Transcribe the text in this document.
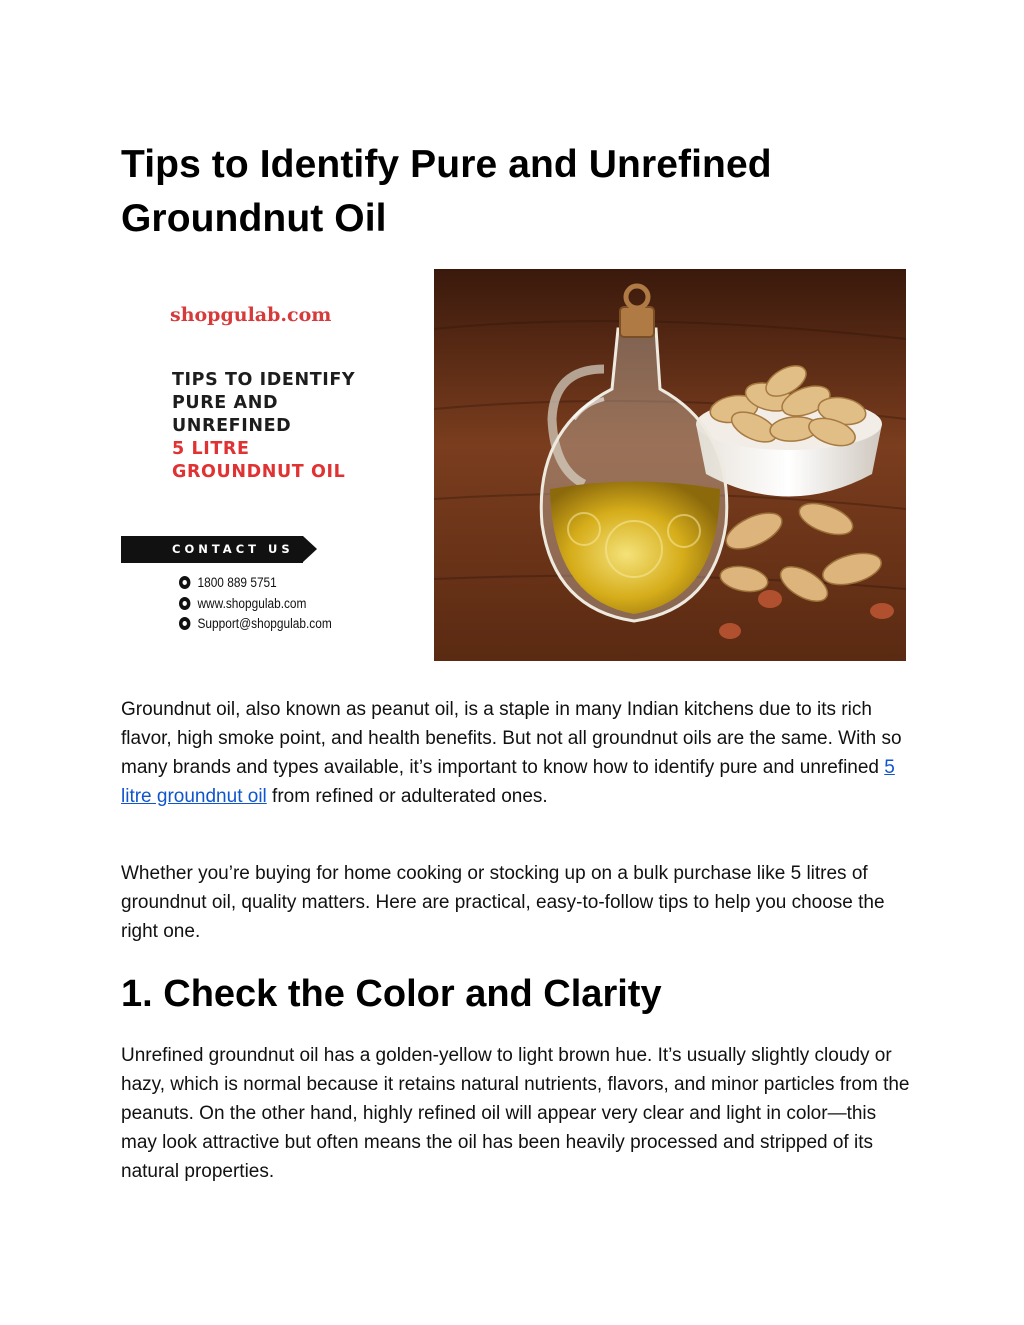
Tips to Identify Pure and Unrefined Groundnut Oil
shopgulab.com
TIPS TO IDENTIFY
PURE AND
UNREFINED
5 LITRE
GROUNDNUT OIL
CONTACT US
1800 889 5751
www.shopgulab.com
Support@shopgulab.com

Groundnut oil, also known as peanut oil, is a staple in many Indian kitchens due to its rich flavor, high smoke point, and health benefits. But not all groundnut oils are the same. With so many brands and types available, it’s important to know how to identify pure and unrefined 5 litre groundnut oil from refined or adulterated ones.

Whether you’re buying for home cooking or stocking up on a bulk purchase like 5 litres of groundnut oil, quality matters. Here are practical, easy-to-follow tips to help you choose the right one.

1. Check the Color and Clarity

Unrefined groundnut oil has a golden-yellow to light brown hue. It’s usually slightly cloudy or hazy, which is normal because it retains natural nutrients, flavors, and minor particles from the peanuts. On the other hand, highly refined oil will appear very clear and light in color—this may look attractive but often means the oil has been heavily processed and stripped of its natural properties.
